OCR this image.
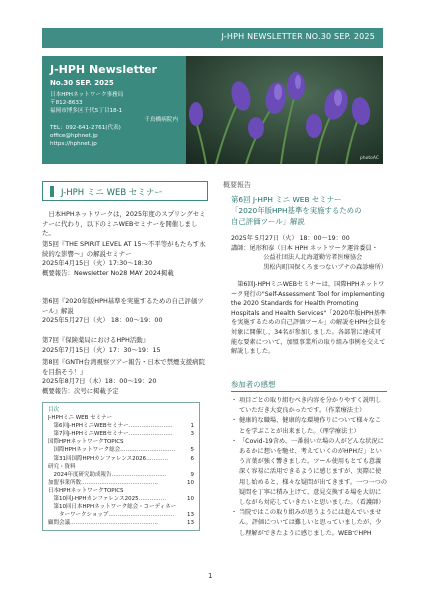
J-HPH NEWSLETTER NO.30 SEP. 2025
J-HPH Newsletter
No.30 SEP. 2025
日本HPHネットワーク事務局
〒812-8633
福岡市博多区千代5丁目18-1
千鳥橋病院内
TEL：092-641-2761(代表)
office@hphnet.jp
https://hphnet.jp
photoAC
J-HPH ミニ WEB セミナー

日本HPHネットワークは，2025年度のスプリングセミナーに代わり，以下のミニWEBセミナーを開催しました。

第5回『THE SPIRIT LEVEL AT 15～不平等がもたらす永続的な影響～』の解説セミナー

2025年4月15日（火）17:30～18:30

概要報告：Newsletter No28 MAY 2024掲載

第6回『2020年版HPH基準を実施するための自己評価ツール』解説

2025年5月27日（火） 18：00～19：00

第7回『保険薬局におけるHPH活動』

2025年7月15日（火）17：30～19：15

第8回『GNTH台湾視察ツアー報告・日本で禁煙支援病院を目指そう！』

2025年8月7日（木）18：00～19：20

概要報告：次号に掲載予定

目次
J-HPHミニ WEB セミナー
　第6回J-HPHミニWEBセミナー……………………	1
　第7回J-HPHミニWEBセミナー……………………	3
国際HPHネットワークTOPICS
　国際HPHネットワーク総会…………………………	5
　第31回国際HPHカンファレンス2026…………	6
研究・資料
　2024年度研究助成報告…………………………	9
加盟事業所数……………………………………	10
日本HPHネットワークTOPICS
　第10回J-HPHカンファレンス2025……………	10
　第10回日本HPHネットワーク総会・コーディネー
　　ターワークショップ………………………………	13
顧問会議…………………………………………	13
概要報告
第6回 J-HPH ミニ WEB セミナー
「2020年版HPH基準を実施するための
自己評価ツール」解説

2025年 5月27日（火） 18：00～19：00

講師：尾形和泰（日本 HPH ネットワーク運営委員・

公益社団法人北海道勤労者医療協会

黒松内町国保くろまつないブナの森診療所）

第6回J-HPHミニWEBセミナーは，国際HPHネットワーク発行の"Self-Assessment Tool for implementing the 2020 Standards for Health Promoting Hospitals and Health Services"「2020年版HPH基準を実施するための自己評価ツール」の解説をHPH会員を対象に開催し，34名が参加しました。各部署に達成可能な要素について，加盟事業所の取り組み事例を交えて解説しました。

参加者の感想
・ 項目ごとの取り組むべき内容を分かりやすく説明していただき大変良かったです。（作業療法士）
・ 健康的な職場、健康的な環境作りについて様々なことを学ぶことが出来ました。（理学療法士）
・ 「Covid-19含め、一番弱い立場の人がどんな状況にあるかに想いを馳せ、考えていくのがHPHだ」という言葉が強く響きました。ツール使用もとても意義深く容易に活用できるように感じますが、実際に使用し始めると、様々な疑問が出てきます。一つ一つの疑問を丁寧に積み上げて、意見交換する場を大切にしながら対応していきたいと思いました。（看護師）
・ 当院ではこの取り組みが思うようには進んでいません。評価については難しいと思っていましたが、少し理解ができたように感じました。WEBでHPH
1
